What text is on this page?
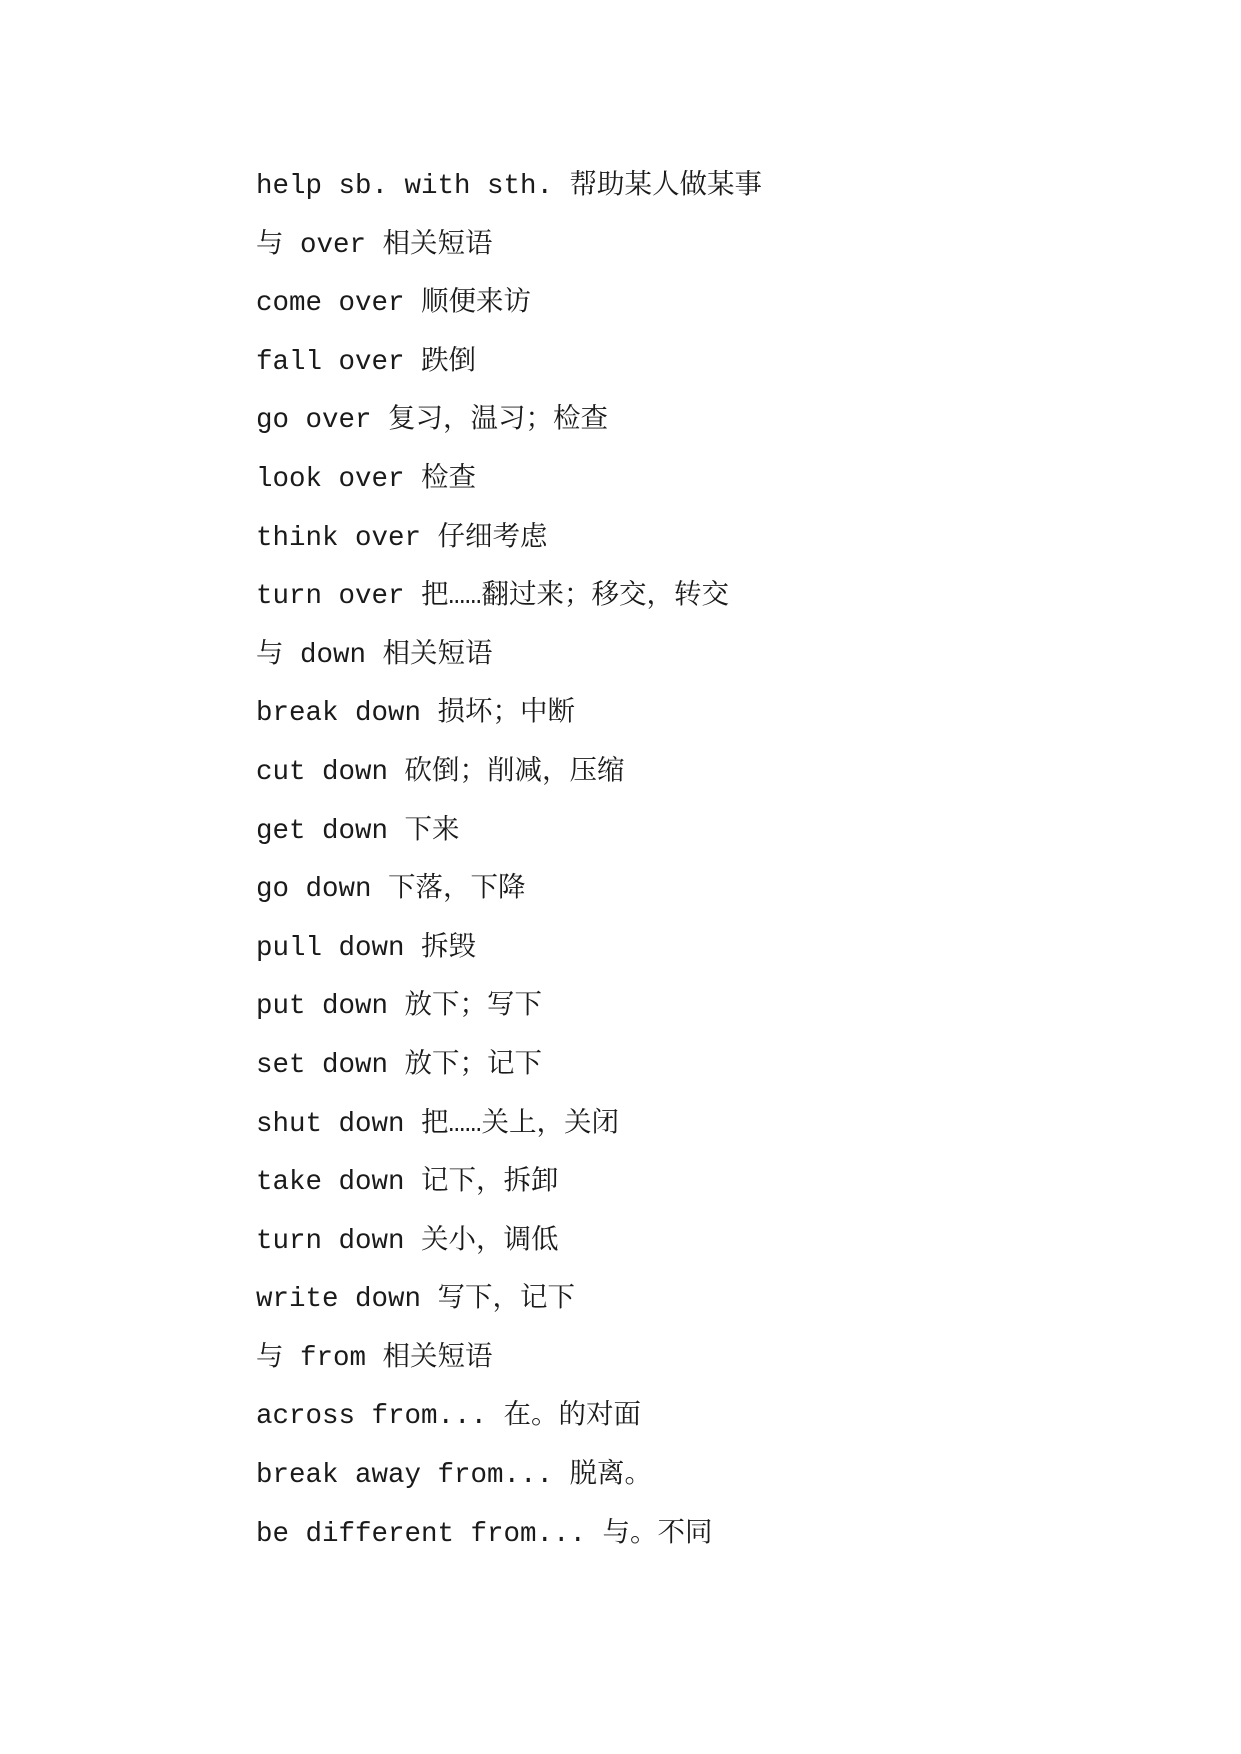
help sb. with sth. 帮助某人做某事

与 over 相关短语

come over 顺便来访

fall over 跌倒

go over 复习，温习；检查

look over 检查

think over 仔细考虑

turn over 把……翻过来；移交，转交

与 down 相关短语

break down 损坏；中断

cut down 砍倒；削减，压缩

get down 下来

go down 下落，下降

pull down 拆毁

put down 放下；写下

set down 放下；记下

shut down 把……关上，关闭

take down 记下，拆卸

turn down 关小，调低

write down 写下，记下

与 from 相关短语

across from... 在。的对面

break away from... 脱离。

be different from... 与。不同
